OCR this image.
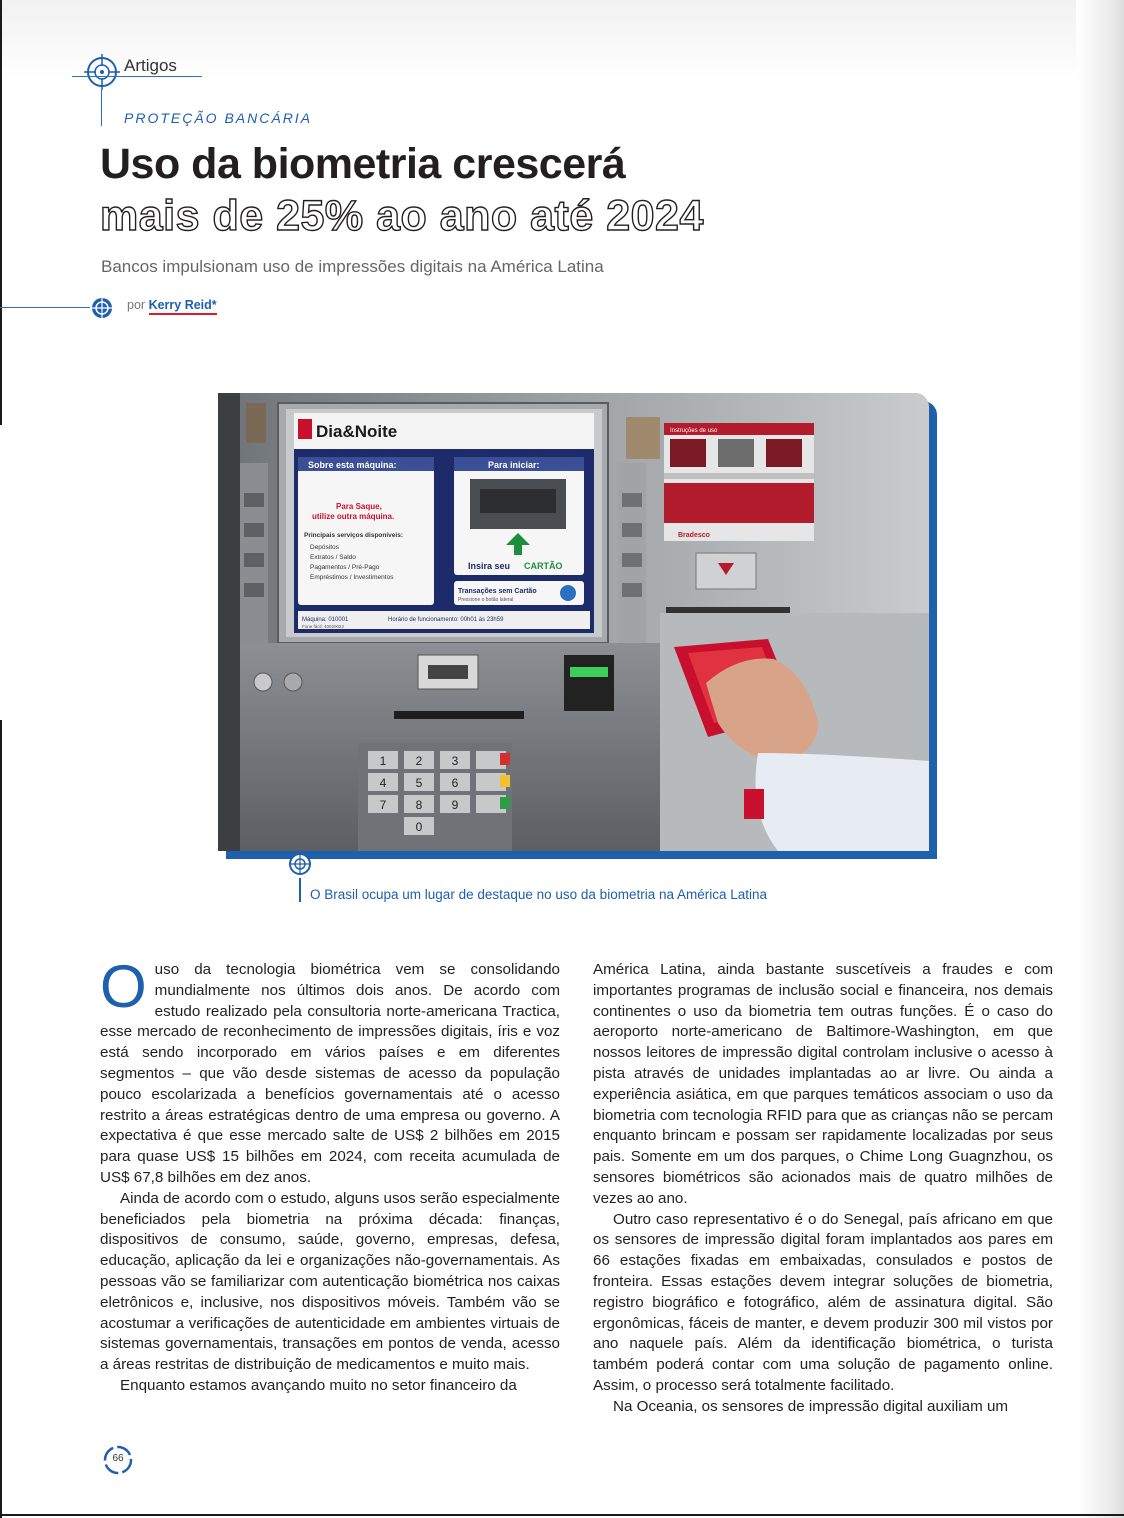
Artigos
PROTEÇÃO BANCÁRIA
Uso da biometria crescerá
mais de 25% ao ano até 2024
Bancos impulsionam uso de impressões digitais na América Latina
por Kerry Reid*
Dia&Noite
Sobre esta máquina:
Para Saque,
utilize outra máquina.
Principais serviços disponíveis:
Depósitos
Extratos / Saldo
Pagamentos / Pré-Pago
Empréstimos / Investimentos
Para iniciar:
Insira seu CARTÃO
Transações sem Cartão
Pressione o botão lateral
Máquina: 010001	Horário de funcionamento: 00h01 às 23h59
Fone fácil: 40020022
Instruções de uso
Bradesco
1 2 3
4 5 6
7 8 9
0
O Brasil ocupa um lugar de destaque no uso da biometria na América Latina

Ouso da tecnologia biométrica vem se consolidando mundialmente nos últimos dois anos. De acordo com estudo realizado pela consultoria norte-americana Tractica, esse mercado de reconhecimento de impressões digitais, íris e voz está sendo incorporado em vários países e em diferentes segmentos – que vão desde sistemas de acesso da população pouco escolarizada a benefícios governamentais até o acesso restrito a áreas estratégicas dentro de uma empresa ou governo. A expectativa é que esse mercado salte de US$ 2 bilhões em 2015 para quase US$ 15 bilhões em 2024, com receita acumulada de US$ 67,8 bilhões em dez anos.

Ainda de acordo com o estudo, alguns usos serão especialmente beneficiados pela biometria na próxima década: finanças, dispositivos de consumo, saúde, governo, empresas, defesa, educação, aplicação da lei e organizações não-governamentais. As pessoas vão se familiarizar com autenticação biométrica nos caixas eletrônicos e, inclusive, nos dispositivos móveis. Também vão se acostumar a verificações de autenticidade em ambientes virtuais de sistemas governamentais, transações em pontos de venda, acesso a áreas restritas de distribuição de medicamentos e muito mais.

Enquanto estamos avançando muito no setor financeiro da

América Latina, ainda bastante suscetíveis a fraudes e com importantes programas de inclusão social e financeira, nos demais continentes o uso da biometria tem outras funções. É o caso do aeroporto norte-americano de Baltimore-Washington, em que nossos leitores de impressão digital controlam inclusive o acesso à pista através de unidades implantadas ao ar livre. Ou ainda a experiência asiática, em que parques temáticos associam o uso da biometria com tecnologia RFID para que as crianças não se percam enquanto brincam e possam ser rapidamente localizadas por seus pais. Somente em um dos parques, o Chime Long Guagnzhou, os sensores biométricos são acionados mais de quatro milhões de vezes ao ano.

Outro caso representativo é o do Senegal, país africano em que os sensores de impressão digital foram implantados aos pares em 66 estações fixadas em embaixadas, consulados e postos de fronteira. Essas estações devem integrar soluções de biometria, registro biográfico e fotográfico, além de assinatura digital. São ergonômicas, fáceis de manter, e devem produzir 300 mil vistos por ano naquele país. Além da identificação biométrica, o turista também poderá contar com uma solução de pagamento online. Assim, o processo será totalmente facilitado.

Na Oceania, os sensores de impressão digital auxiliam um

66
